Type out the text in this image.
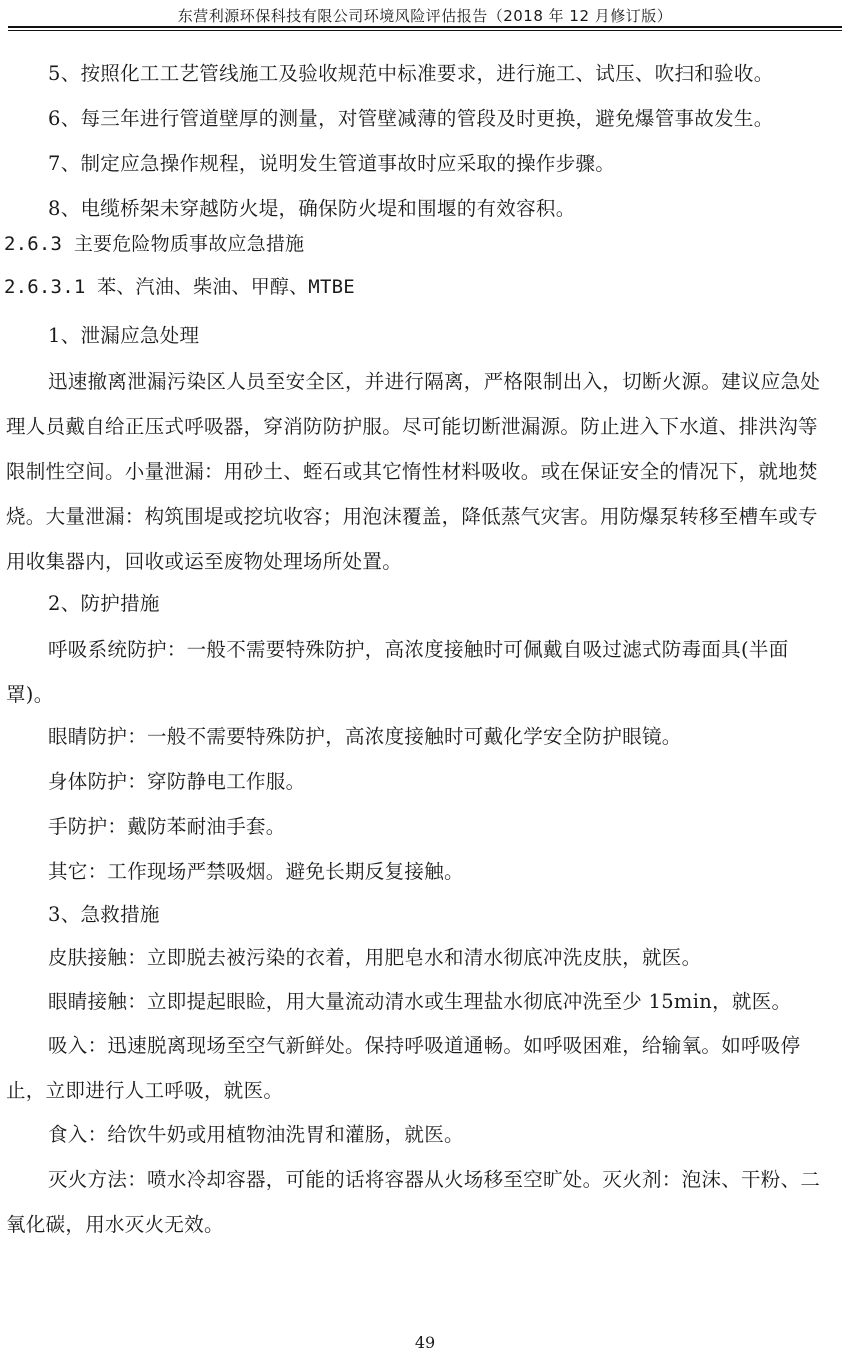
东营利源环保科技有限公司环境风险评估报告（2018 年 12 月修订版）
5、按照化工工艺管线施工及验收规范中标准要求，进行施工、试压、吹扫和验收。
6、每三年进行管道壁厚的测量，对管壁减薄的管段及时更换，避免爆管事故发生。
7、制定应急操作规程，说明发生管道事故时应采取的操作步骤。
8、电缆桥架未穿越防火堤，确保防火堤和围堰的有效容积。
2.6.3 主要危险物质事故应急措施
2.6.3.1 苯、汽油、柴油、甲醇、MTBE
1、泄漏应急处理
迅速撤离泄漏污染区人员至安全区，并进行隔离，严格限制出入，切断火源。建议应急处理人员戴自给正压式呼吸器，穿消防防护服。尽可能切断泄漏源。防止进入下水道、排洪沟等限制性空间。小量泄漏：用砂土、蛭石或其它惰性材料吸收。或在保证安全的情况下，就地焚烧。大量泄漏：构筑围堤或挖坑收容；用泡沫覆盖，降低蒸气灾害。用防爆泵转移至槽车或专用收集器内，回收或运至废物处理场所处置。
2、防护措施
呼吸系统防护：一般不需要特殊防护，高浓度接触时可佩戴自吸过滤式防毒面具(半面罩)。
眼睛防护：一般不需要特殊防护，高浓度接触时可戴化学安全防护眼镜。
身体防护：穿防静电工作服。
手防护：戴防苯耐油手套。
其它：工作现场严禁吸烟。避免长期反复接触。
3、急救措施
皮肤接触：立即脱去被污染的衣着，用肥皂水和清水彻底冲洗皮肤，就医。
眼睛接触：立即提起眼睑，用大量流动清水或生理盐水彻底冲洗至少 15min，就医。
吸入：迅速脱离现场至空气新鲜处。保持呼吸道通畅。如呼吸困难，给输氧。如呼吸停止，立即进行人工呼吸，就医。
食入：给饮牛奶或用植物油洗胃和灌肠，就医。
灭火方法：喷水冷却容器，可能的话将容器从火场移至空旷处。灭火剂：泡沫、干粉、二氧化碳，用水灭火无效。
49
